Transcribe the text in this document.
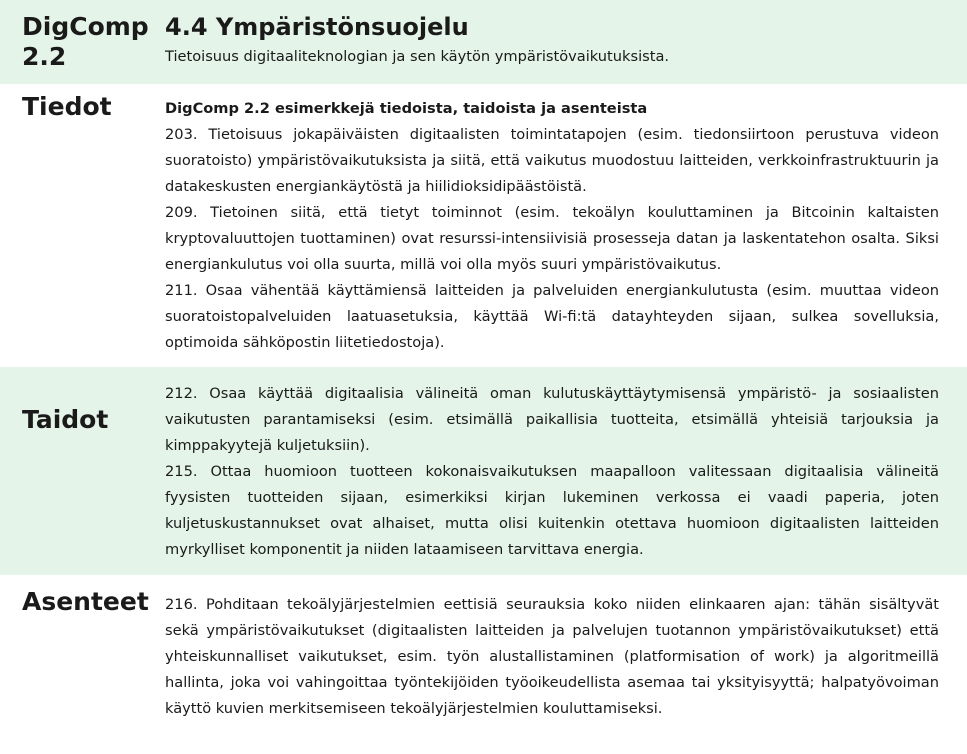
DigComp
2.2
4.4 Ympäristönsuojelu
Tietoisuus digitaaliteknologian ja sen käytön ympäristövaikutuksista.
Tiedot	DigComp 2.2 esimerkkejä tiedoista, taidoista ja asenteista

203. Tietoisuus jokapäiväisten digitaalisten toimintatapojen (esim. tiedonsiirtoon perustuva videon suoratoisto) ympäristövaikutuksista ja siitä, että vaikutus muodostuu laitteiden, verkkoinfrastruktuurin ja datakeskusten energiankäytöstä ja hiilidioksidipäästöistä.

209. Tietoinen siitä, että tietyt toiminnot (esim. tekoälyn kouluttaminen ja Bitcoinin kaltaisten kryptovaluuttojen tuottaminen) ovat resurssi-intensiivisiä prosesseja datan ja laskentatehon osalta. Siksi energiankulutus voi olla suurta, millä voi olla myös suuri ympäristövaikutus.

211. Osaa vähentää käyttämiensä laitteiden ja palveluiden energiankulutusta (esim. muuttaa videon suoratoistopalveluiden laatuasetuksia, käyttää Wi-fi:tä datayhteyden sijaan, sulkea sovelluksia, optimoida sähköpostin liitetiedostoja).

Taidot

212. Osaa käyttää digitaalisia välineitä oman kulutuskäyttäytymisensä ympäristö- ja sosiaalisten vaikutusten parantamiseksi (esim. etsimällä paikallisia tuotteita, etsimällä yhteisiä tarjouksia ja kimppakyytejä kuljetuksiin).

215. Ottaa huomioon tuotteen kokonaisvaikutuksen maapalloon valitessaan digitaalisia välineitä fyysisten tuotteiden sijaan, esimerkiksi kirjan lukeminen verkossa ei vaadi paperia, joten kuljetuskustannukset ovat alhaiset, mutta olisi kuitenkin otettava huomioon digitaalisten laitteiden myrkylliset komponentit ja niiden lataamiseen tarvittava energia.

Asenteet 216. Pohditaan tekoälyjärjestelmien eettisiä seurauksia koko niiden elinkaaren ajan: tähän sisältyvät sekä ympäristövaikutukset (digitaalisten laitteiden ja palvelujen tuotannon ympäristövaikutukset) että yhteiskunnalliset vaikutukset, esim. työn alustallistaminen (platformisation of work) ja algoritmeillä hallinta, joka voi vahingoittaa työntekijöiden työoikeudellista asemaa tai yksityisyyttä; halpatyövoiman käyttö kuvien merkitsemiseen tekoälyjärjestelmien kouluttamiseksi.
